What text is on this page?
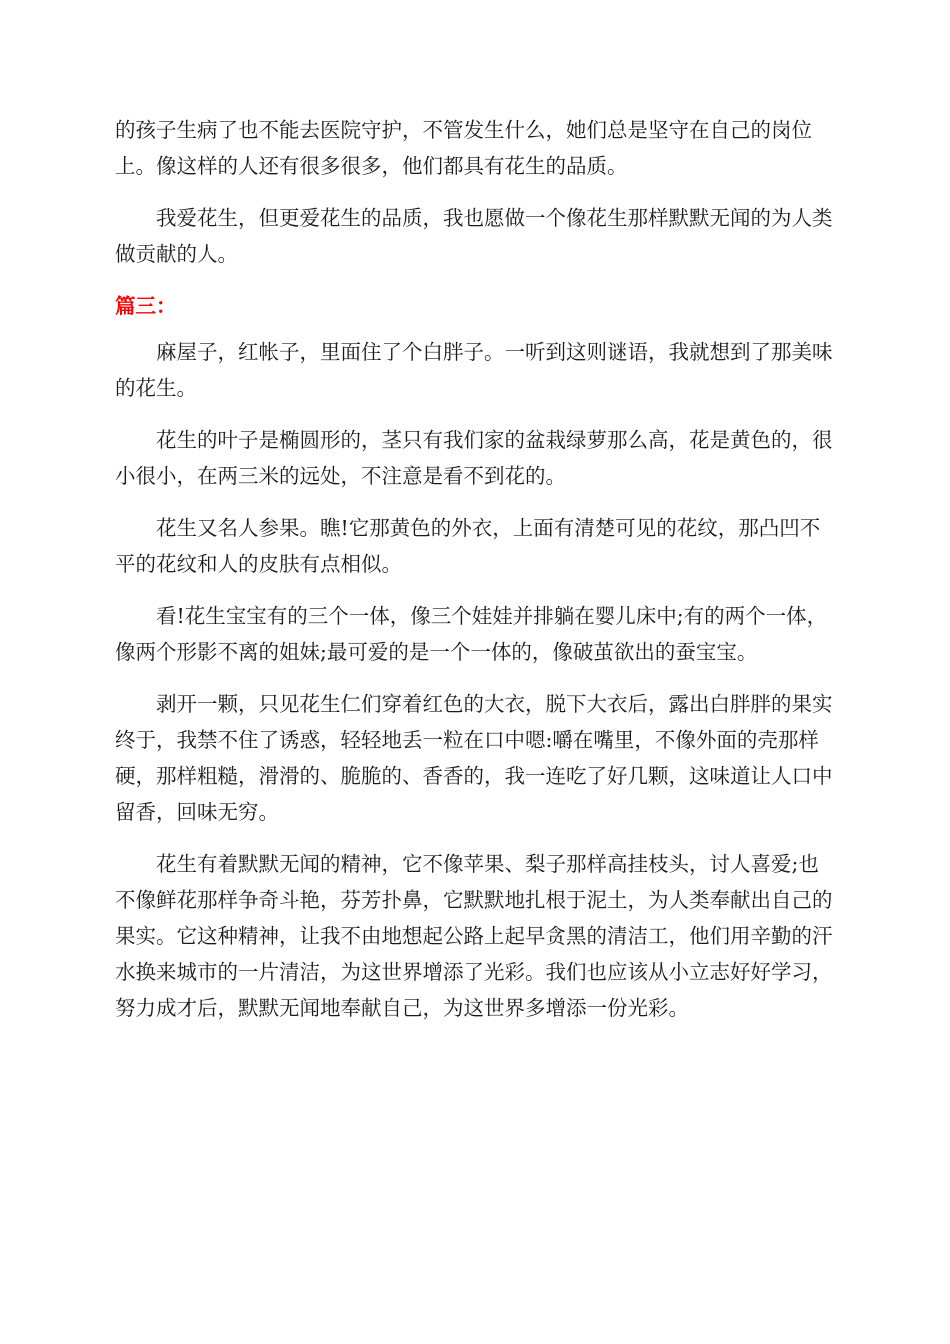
的孩子生病了也不能去医院守护，不管发生什么，她们总是坚守在自己的岗位上。像这样的人还有很多很多，他们都具有花生的品质。

我爱花生，但更爱花生的品质，我也愿做一个像花生那样默默无闻的为人类做贡献的人。

篇三：

麻屋子，红帐子，里面住了个白胖子。一听到这则谜语，我就想到了那美味的花生。

花生的叶子是椭圆形的，茎只有我们家的盆栽绿萝那么高，花是黄色的，很小很小，在两三米的远处，不注意是看不到花的。

花生又名人参果。瞧!它那黄色的外衣，上面有清楚可见的花纹，那凸凹不平的花纹和人的皮肤有点相似。

看!花生宝宝有的三个一体，像三个娃娃并排躺在婴儿床中;有的两个一体，像两个形影不离的姐妹;最可爱的是一个一体的，像破茧欲出的蚕宝宝。

剥开一颗，只见花生仁们穿着红色的大衣，脱下大衣后，露出白胖胖的果实终于，我禁不住了诱惑，轻轻地丢一粒在口中嗯:嚼在嘴里，不像外面的壳那样硬，那样粗糙，滑滑的、脆脆的、香香的，我一连吃了好几颗，这味道让人口中留香，回味无穷。

花生有着默默无闻的精神，它不像苹果、梨子那样高挂枝头，讨人喜爱;也不像鲜花那样争奇斗艳，芬芳扑鼻，它默默地扎根于泥土，为人类奉献出自己的果实。它这种精神，让我不由地想起公路上起早贪黑的清洁工，他们用辛勤的汗水换来城市的一片清洁，为这世界增添了光彩。我们也应该从小立志好好学习，努力成才后，默默无闻地奉献自己，为这世界多增添一份光彩。
